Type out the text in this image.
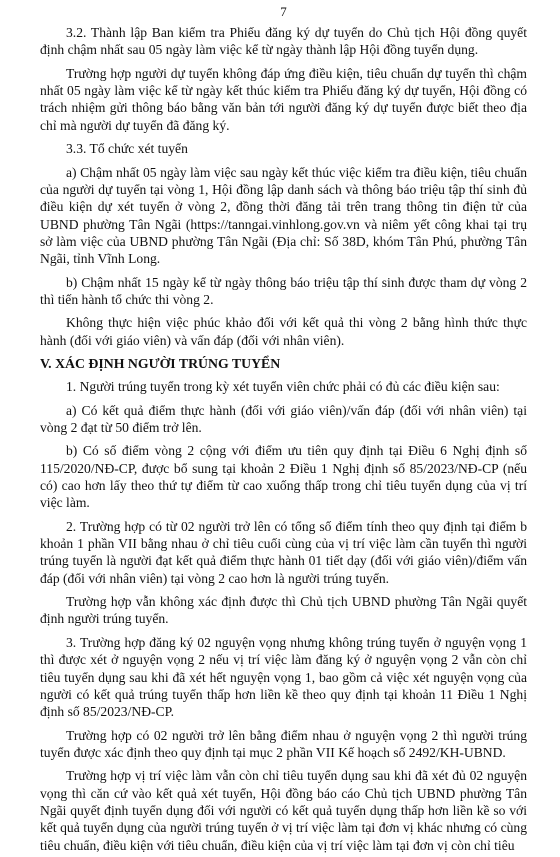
7

3.2. Thành lập Ban kiểm tra Phiếu đăng ký dự tuyển do Chủ tịch Hội đồng quyết định chậm nhất sau 05 ngày làm việc kể từ ngày thành lập Hội đồng tuyển dụng.

Trường hợp người dự tuyển không đáp ứng điều kiện, tiêu chuẩn dự tuyển thì chậm nhất 05 ngày làm việc kể từ ngày kết thúc kiểm tra Phiếu đăng ký dự tuyển, Hội đồng có trách nhiệm gửi thông báo bằng văn bản tới người đăng ký dự tuyển được biết theo địa chỉ mà người dự tuyển đã đăng ký.

3.3. Tổ chức xét tuyển

a) Chậm nhất 05 ngày làm việc sau ngày kết thúc việc kiểm tra điều kiện, tiêu chuẩn của người dự tuyển tại vòng 1, Hội đồng lập danh sách và thông báo triệu tập thí sinh đủ điều kiện dự xét tuyển ở vòng 2, đồng thời đăng tải trên trang thông tin điện tử của UBND phường Tân Ngãi (https://tanngai.vinhlong.gov.vn và niêm yết công khai tại trụ sở làm việc của UBND phường Tân Ngãi (Địa chỉ: Số 38D, khóm Tân Phú, phường Tân Ngãi, tỉnh Vĩnh Long.

b) Chậm nhất 15 ngày kể từ ngày thông báo triệu tập thí sinh được tham dự vòng 2 thì tiến hành tổ chức thi vòng 2.

Không thực hiện việc phúc khảo đối với kết quả thi vòng 2 bằng hình thức thực hành (đối với giáo viên) và vấn đáp (đối với nhân viên).

V. XÁC ĐỊNH NGƯỜI TRÚNG TUYỂN

1. Người trúng tuyển trong kỳ xét tuyển viên chức phải có đủ các điều kiện sau:

a) Có kết quả điểm thực hành (đối với giáo viên)/vấn đáp (đối với nhân viên) tại vòng 2 đạt từ 50 điểm trở lên.

b) Có số điểm vòng 2 cộng với điểm ưu tiên quy định tại Điều 6 Nghị định số 115/2020/NĐ-CP, được bổ sung tại khoản 2 Điều 1 Nghị định số 85/2023/NĐ-CP (nếu có) cao hơn lấy theo thứ tự điểm từ cao xuống thấp trong chỉ tiêu tuyển dụng của vị trí việc làm.

2. Trường hợp có từ 02 người trở lên có tổng số điểm tính theo quy định tại điểm b khoản 1 phần VII bằng nhau ở chỉ tiêu cuối cùng của vị trí việc làm cần tuyển thì người trúng tuyển là người đạt kết quả điểm thực hành 01 tiết dạy (đối với giáo viên)/điểm vấn đáp (đối với nhân viên) tại vòng 2 cao hơn là người trúng tuyển.

Trường hợp vẫn không xác định được thì Chủ tịch UBND phường Tân Ngãi quyết định người trúng tuyển.

3. Trường hợp đăng ký 02 nguyện vọng nhưng không trúng tuyển ở nguyện vọng 1 thì được xét ở nguyện vọng 2 nếu vị trí việc làm đăng ký ở nguyện vọng 2 vẫn còn chỉ tiêu tuyển dụng sau khi đã xét hết nguyện vọng 1, bao gồm cả việc xét nguyện vọng của người có kết quả trúng tuyển thấp hơn liền kề theo quy định tại khoản 11 Điều 1 Nghị định số 85/2023/NĐ-CP.

Trường hợp có 02 người trở lên bằng điểm nhau ở nguyện vọng 2 thì người trúng tuyển được xác định theo quy định tại mục 2 phần VII Kế hoạch số 2492/KH-UBND.

Trường hợp vị trí việc làm vẫn còn chỉ tiêu tuyển dụng sau khi đã xét đủ 02 nguyện vọng thì căn cứ vào kết quả xét tuyển, Hội đồng báo cáo Chủ tịch UBND phường Tân Ngãi quyết định tuyển dụng đối với người có kết quả tuyển dụng thấp hơn liền kề so với kết quả tuyển dụng của người trúng tuyển ở vị trí việc làm tại đơn vị khác nhưng có cùng tiêu chuẩn, điều kiện với tiêu chuẩn, điều kiện của vị trí việc làm tại đơn vị còn chỉ tiêu
